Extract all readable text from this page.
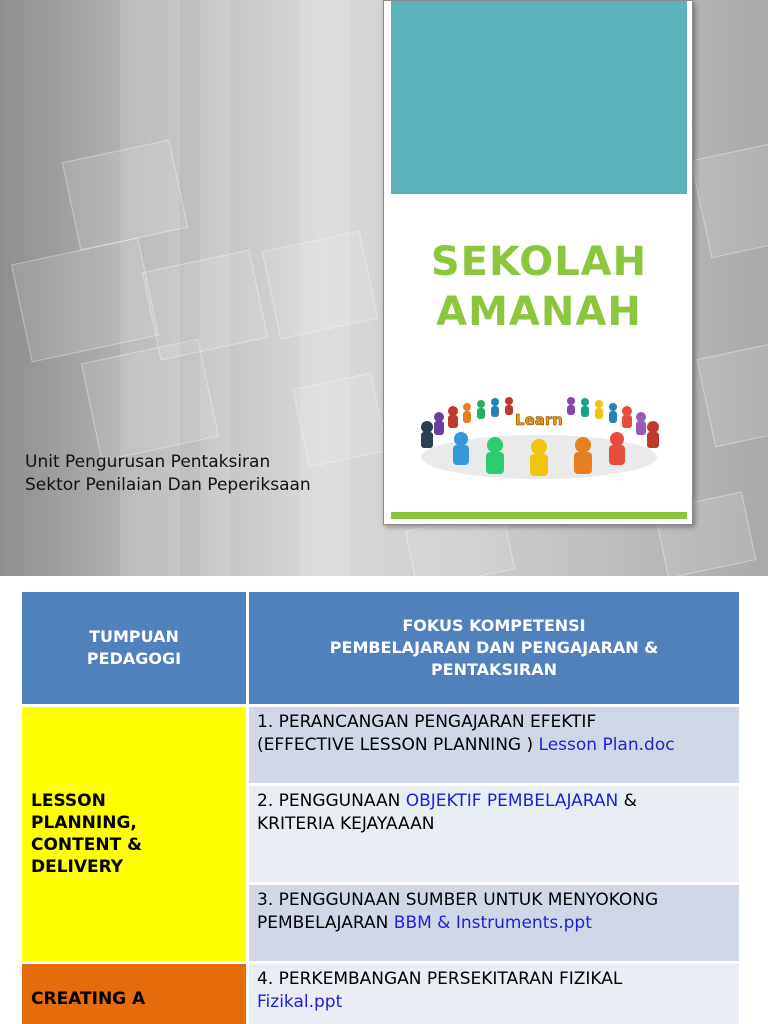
Unit Pengurusan Pentaksiran
Sektor Penilaian Dan Peperiksaan
SEKOLAH
AMANAH
Learn
TUMPUAN
PEDAGOGI
FOKUS KOMPETENSI
PEMBELAJARAN DAN PENGAJARAN &
PENTAKSIRAN
LESSON
PLANNING,
CONTENT &
DELIVERY
CREATING A
1. PERANCANGAN PENGAJARAN EFEKTIF
(EFFECTIVE LESSON PLANNING ) Lesson Plan.doc
2. PENGGUNAAN OBJEKTIF PEMBELAJARAN &
KRITERIA KEJAYAAAN
3. PENGGUNAAN SUMBER UNTUK MENYOKONG
PEMBELAJARAN BBM & Instruments.ppt
4. PERKEMBANGAN PERSEKITARAN FIZIKAL
Fizikal.ppt
